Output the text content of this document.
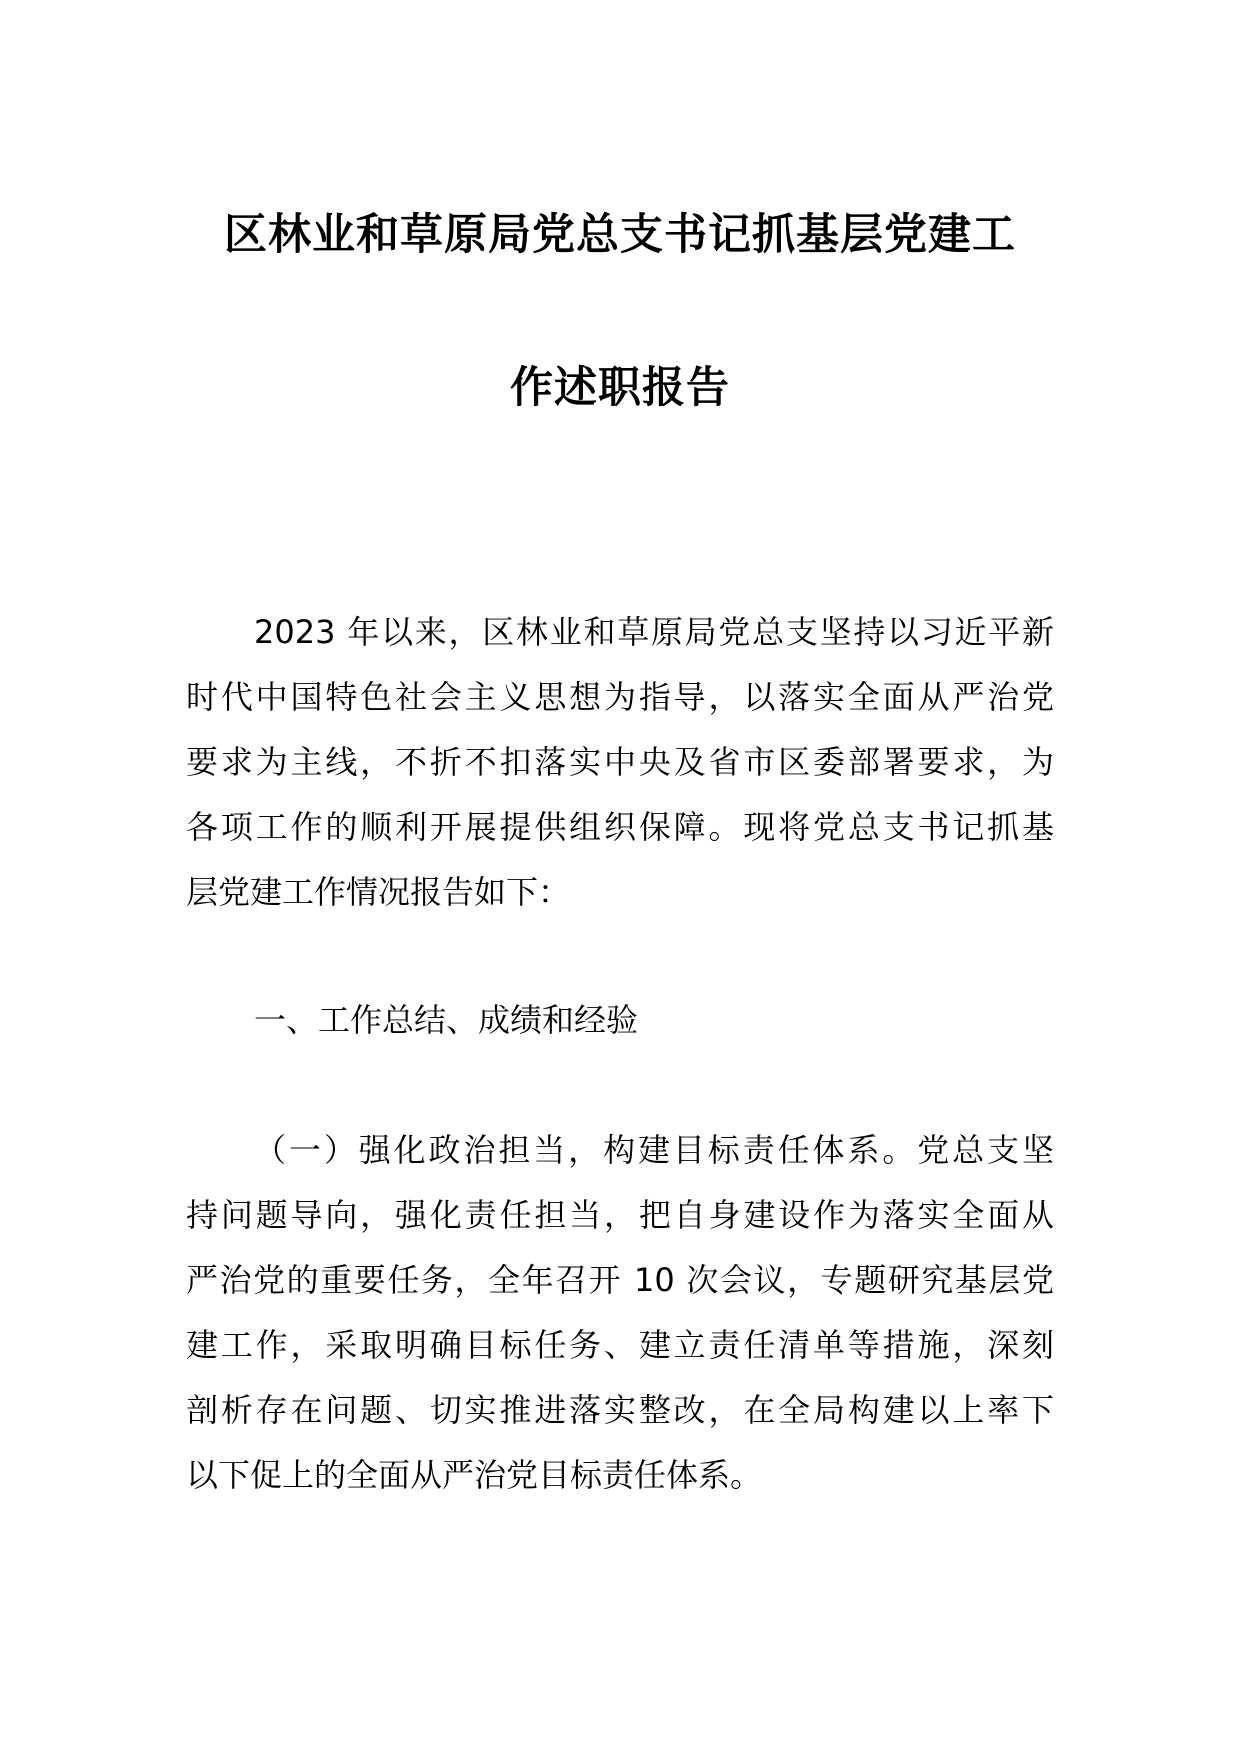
区林业和草原局党总支书记抓基层党建工
作述职报告
2023 年以来，区林业和草原局党总支坚持以习近平新
时代中国特色社会主义思想为指导，以落实全面从严治党
要求为主线，不折不扣落实中央及省市区委部署要求，为
各项工作的顺利开展提供组织保障。现将党总支书记抓基
层党建工作情况报告如下：
一、工作总结、成绩和经验
（一）强化政治担当，构建目标责任体系。党总支坚
持问题导向，强化责任担当，把自身建设作为落实全面从
严治党的重要任务，全年召开 10 次会议，专题研究基层党
建工作，采取明确目标任务、建立责任清单等措施，深刻
剖析存在问题、切实推进落实整改，在全局构建以上率下
以下促上的全面从严治党目标责任体系。
